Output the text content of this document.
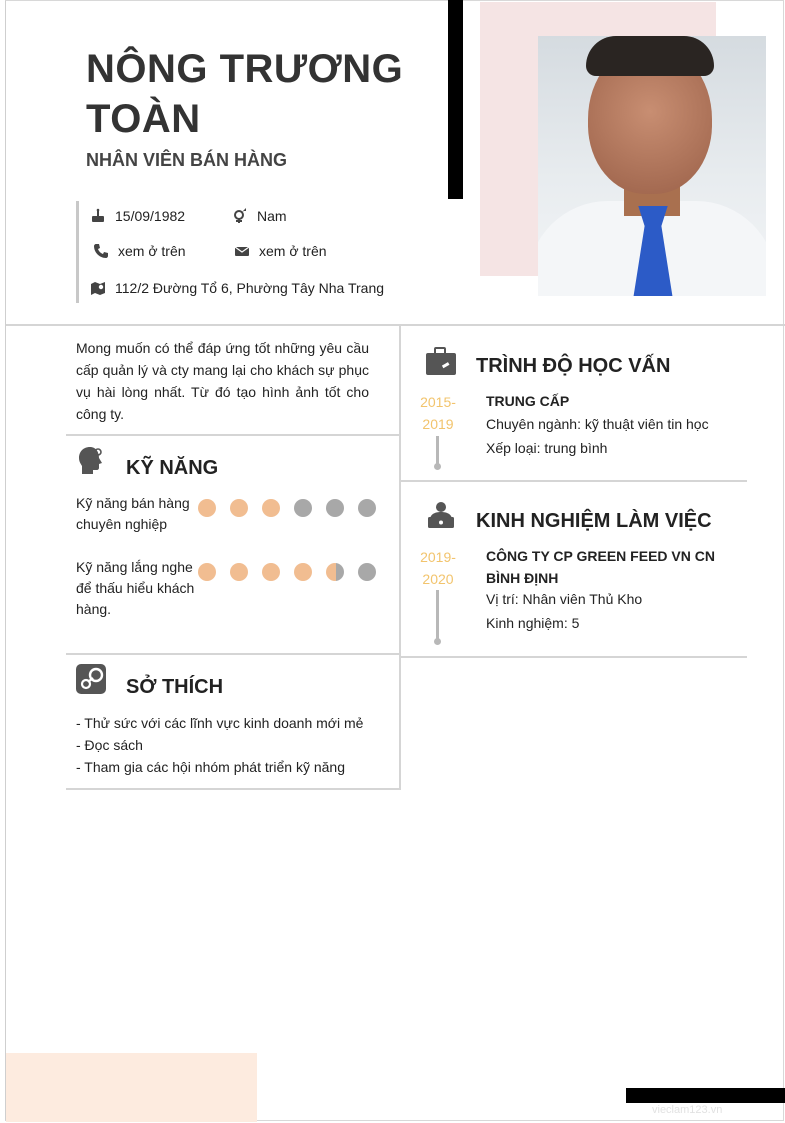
NÔNG TRƯƠNG TOÀN
NHÂN VIÊN BÁN HÀNG
15/09/1982	Nam
xem ở trên	xem ở trên
112/2 Đường Tổ 6, Phường Tây Nha Trang
Mong muốn có thể đáp ứng tốt những yêu cầu cấp quản lý và cty mang lại cho khách sự phục vụ hài lòng nhất. Từ đó tạo hình ảnh tốt cho công ty.
KỸ NĂNG
Kỹ năng bán hàng chuyên nghiệp
Kỹ năng lắng nghe để thấu hiểu khách hàng.
SỞ THÍCH
- Thử sức với các lĩnh vực kinh doanh mới mẻ
- Đọc sách
- Tham gia các hội nhóm phát triển kỹ năng
TRÌNH ĐỘ HỌC VẤN
2015-
2019
TRUNG CẤP
Chuyên ngành: kỹ thuật viên tin học
Xếp loại: trung bình
KINH NGHIỆM LÀM VIỆC
2019-
2020
CÔNG TY CP GREEN FEED VN CN
BÌNH ĐỊNH
Vị trí: Nhân viên Thủ Kho
Kinh nghiệm: 5
vieclam123.vn
